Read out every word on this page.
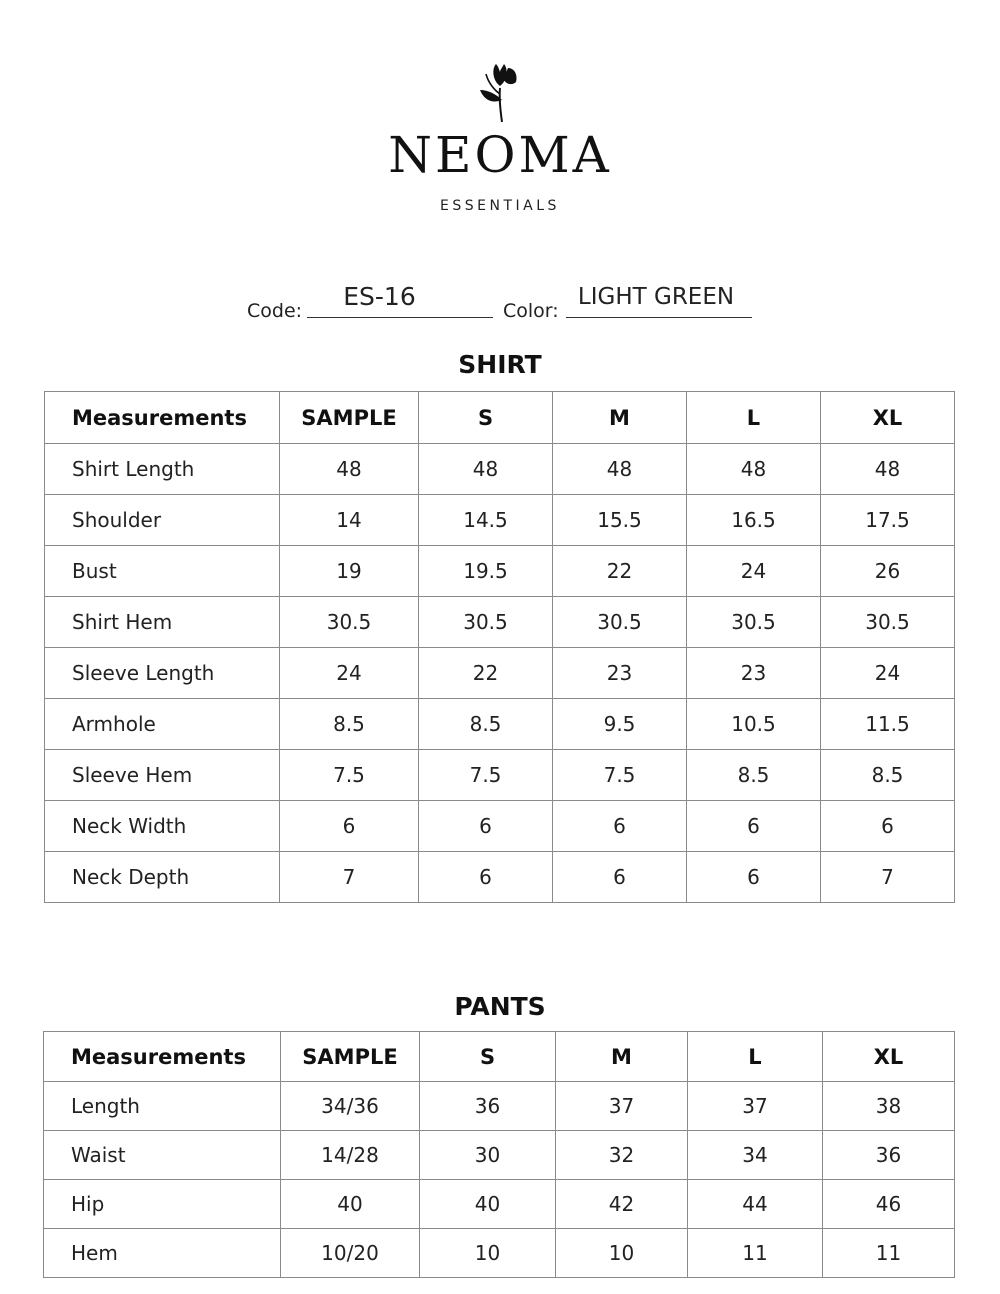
NEOMA
ESSENTIALS
Code:	ES-16	Color:
LIGHT GREEN
SHIRT
Measurements	SAMPLE	S	M	L	XL
Shirt Length	48	48	48	48	48
Shoulder	14	14.5	15.5	16.5	17.5
Bust	19	19.5	22	24	26
Shirt Hem	30.5	30.5	30.5	30.5	30.5
Sleeve Length	24	22	23	23	24
Armhole	8.5	8.5	9.5	10.5	11.5
Sleeve Hem	7.5	7.5	7.5	8.5	8.5
Neck Width	6	6	6	6	6
Neck Depth	7	6	6	6	7
PANTS
Measurements	SAMPLE	S	M	L	XL
Length	34/36	36	37	37	38
Waist	14/28	30	32	34	36
Hip	40	40	42	44	46
Hem	10/20	10	10	11	11
